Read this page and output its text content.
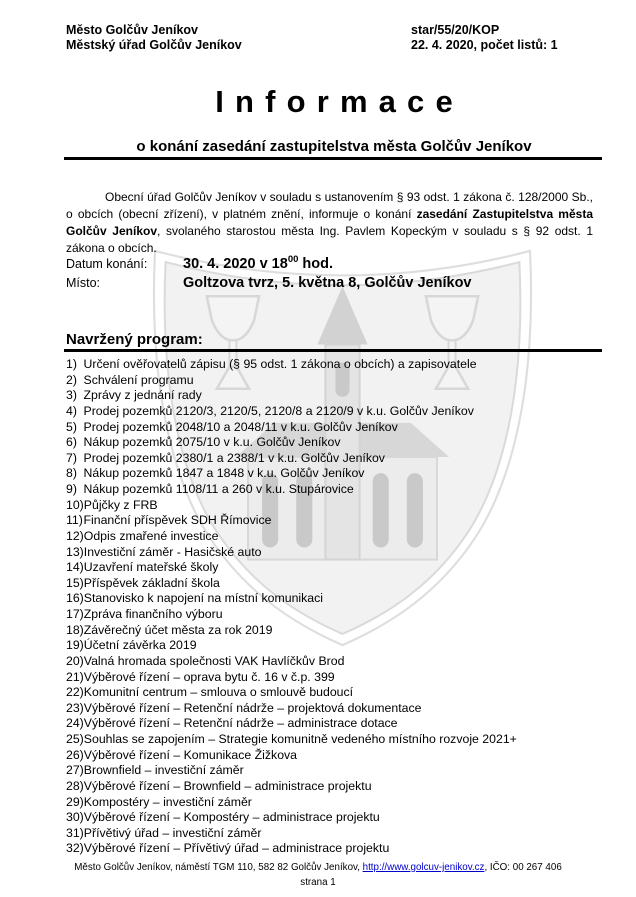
Město Golčův Jeníkov
Městský úřad Golčův Jeníkov
star/55/20/KOP
22. 4. 2020, počet listů: 1
Informace
o konání zasedání zastupitelstva města Golčův Jeníkov

Obecní úřad Golčův Jeníkov v souladu s ustanovením § 93 odst. 1 zákona č. 128/2000 Sb., o obcích (obecní zřízení), v platném znění, informuje o konání zasedání Zastupitelstva města Golčův Jeníkov, svolaného starostou města Ing. Pavlem Kopeckým v souladu s § 92 odst. 1 zákona o obcích.

Datum konání:	30. 4. 2020 v $18^{00}$ hod.
Místo:	Goltzova tvrz, 5. května 8, Golčův Jeníkov
Navržený program:
1) Určení ověřovatelů zápisu (§ 95 odst. 1 zákona o obcích) a zapisovatele
2) Schválení programu
3) Zprávy z jednání rady
4) Prodej pozemků 2120/3, 2120/5, 2120/8 a 2120/9 v k.u. Golčův Jeníkov
5) Prodej pozemků 2048/10 a 2048/11 v k.u. Golčův Jeníkov
6) Nákup pozemků 2075/10 v k.u. Golčův Jeníkov
7) Prodej pozemků 2380/1 a 2388/1 v k.u. Golčův Jeníkov
8) Nákup pozemků 1847 a 1848 v k.u. Golčův Jeníkov
9) Nákup pozemků 1108/11 a 260 v k.u. Stupárovice
10) Půjčky z FRB
11) Finanční příspěvek SDH Římovice
12) Odpis zmařené investice
13) Investiční záměr - Hasičské auto
14) Uzavření mateřské školy
15) Příspěvek základní škola
16) Stanovisko k napojení na místní komunikaci
17) Zpráva finančního výboru
18) Závěrečný účet města za rok 2019
19) Účetní závěrka 2019
20) Valná hromada společnosti VAK Havlíčkův Brod
21) Výběrové řízení – oprava bytu č. 16 v č.p. 399
22) Komunitní centrum – smlouva o smlouvě budoucí
23) Výběrové řízení – Retenční nádrže – projektová dokumentace
24) Výběrové řízení – Retenční nádrže – administrace dotace
25) Souhlas se zapojením – Strategie komunitně vedeného místního rozvoje 2021+
26) Výběrové řízení – Komunikace Žižkova
27) Brownfield – investiční záměr
28) Výběrové řízení – Brownfield – administrace projektu
29) Kompostéry – investiční záměr
30) Výběrové řízení – Kompostéry – administrace projektu
31) Přívětivý úřad – investiční záměr
32) Výběrové řízení – Přívětivý úřad – administrace projektu
Město Golčův Jeníkov, náměstí TGM 110, 582 82 Golčův Jeníkov, http://www.golcuv-jenikov.cz, IČO: 00 267 406
strana 1
